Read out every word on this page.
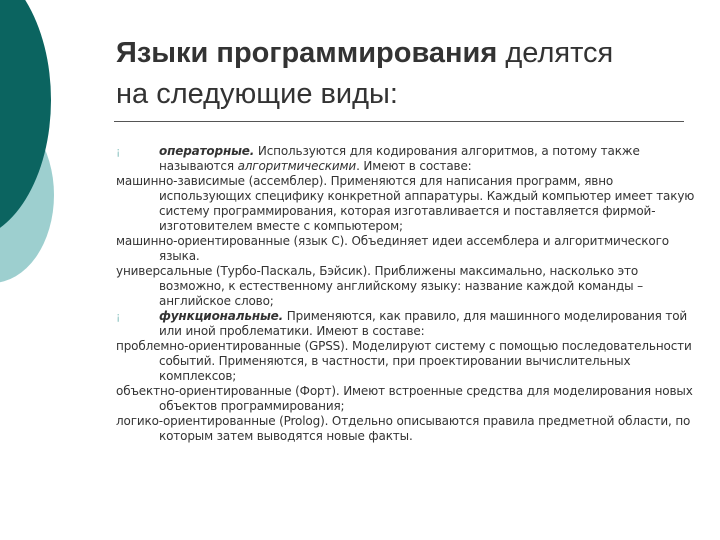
Языки программирования делятся
на следующие виды:

¡	операторные. Используются для кодирования алгоритмов, а потому также называются алгоритмическими. Имеют в составе:

машинно-зависимые (ассемблер). Применяются для написания программ, явно использующих специфику конкретной аппаратуры. Каждый компьютер имеет такую систему программирования, которая изготавливается и поставляется фирмой-изготовителем вместе с компьютером;

машинно-ориентированные (язык С). Объединяет идеи ассемблера и алгоритмического языка.

универсальные (Турбо-Паскаль, Бэйсик). Приближены максимально, насколько это возможно, к естественному английскому языку: название каждой команды – английское слово;

¡	функциональные. Применяются, как правило, для машинного моделирования той или иной проблематики. Имеют в составе:

проблемно-ориентированные (GPSS). Моделируют систему с помощью последовательности событий. Применяются, в частности, при проектировании вычислительных комплексов;

объектно-ориентированные (Форт). Имеют встроенные средства для моделирования новых объектов программирования;

логико-ориентированные (Prolog). Отдельно описываются правила предметной области, по которым затем выводятся новые факты.
